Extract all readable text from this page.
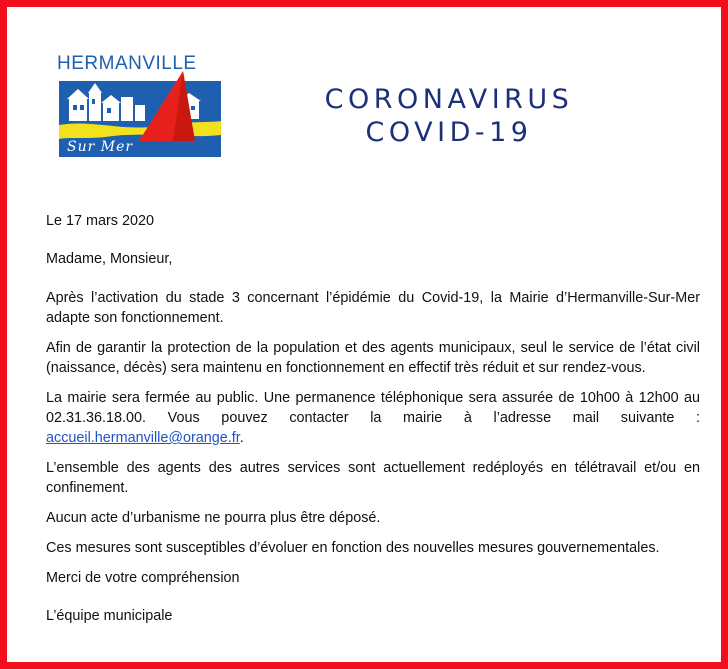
HERMANVILLE
Sur Mer
CORONAVIRUS
COVID-19

Le 17 mars 2020

Madame, Monsieur,

Après l’activation du stade 3 concernant l’épidémie du Covid-19, la Mairie d’Hermanville-Sur-Mer adapte son fonctionnement.

Afin de garantir la protection de la population et des agents municipaux, seul le service de l’état civil (naissance, décès) sera maintenu en fonctionnement en effectif très réduit et sur rendez-vous.

La mairie sera fermée au public. Une permanence téléphonique sera assurée de 10h00 à 12h00 au 02.31.36.18.00. Vous pouvez contacter la mairie à l’adresse mail suivante : accueil.hermanville@orange.fr.

L’ensemble des agents des autres services sont actuellement redéployés en télétravail et/ou en confinement.

Aucun acte d’urbanisme ne pourra plus être déposé.

Ces mesures sont susceptibles d’évoluer en fonction des nouvelles mesures gouvernementales.

Merci de votre compréhension

L’équipe municipale
